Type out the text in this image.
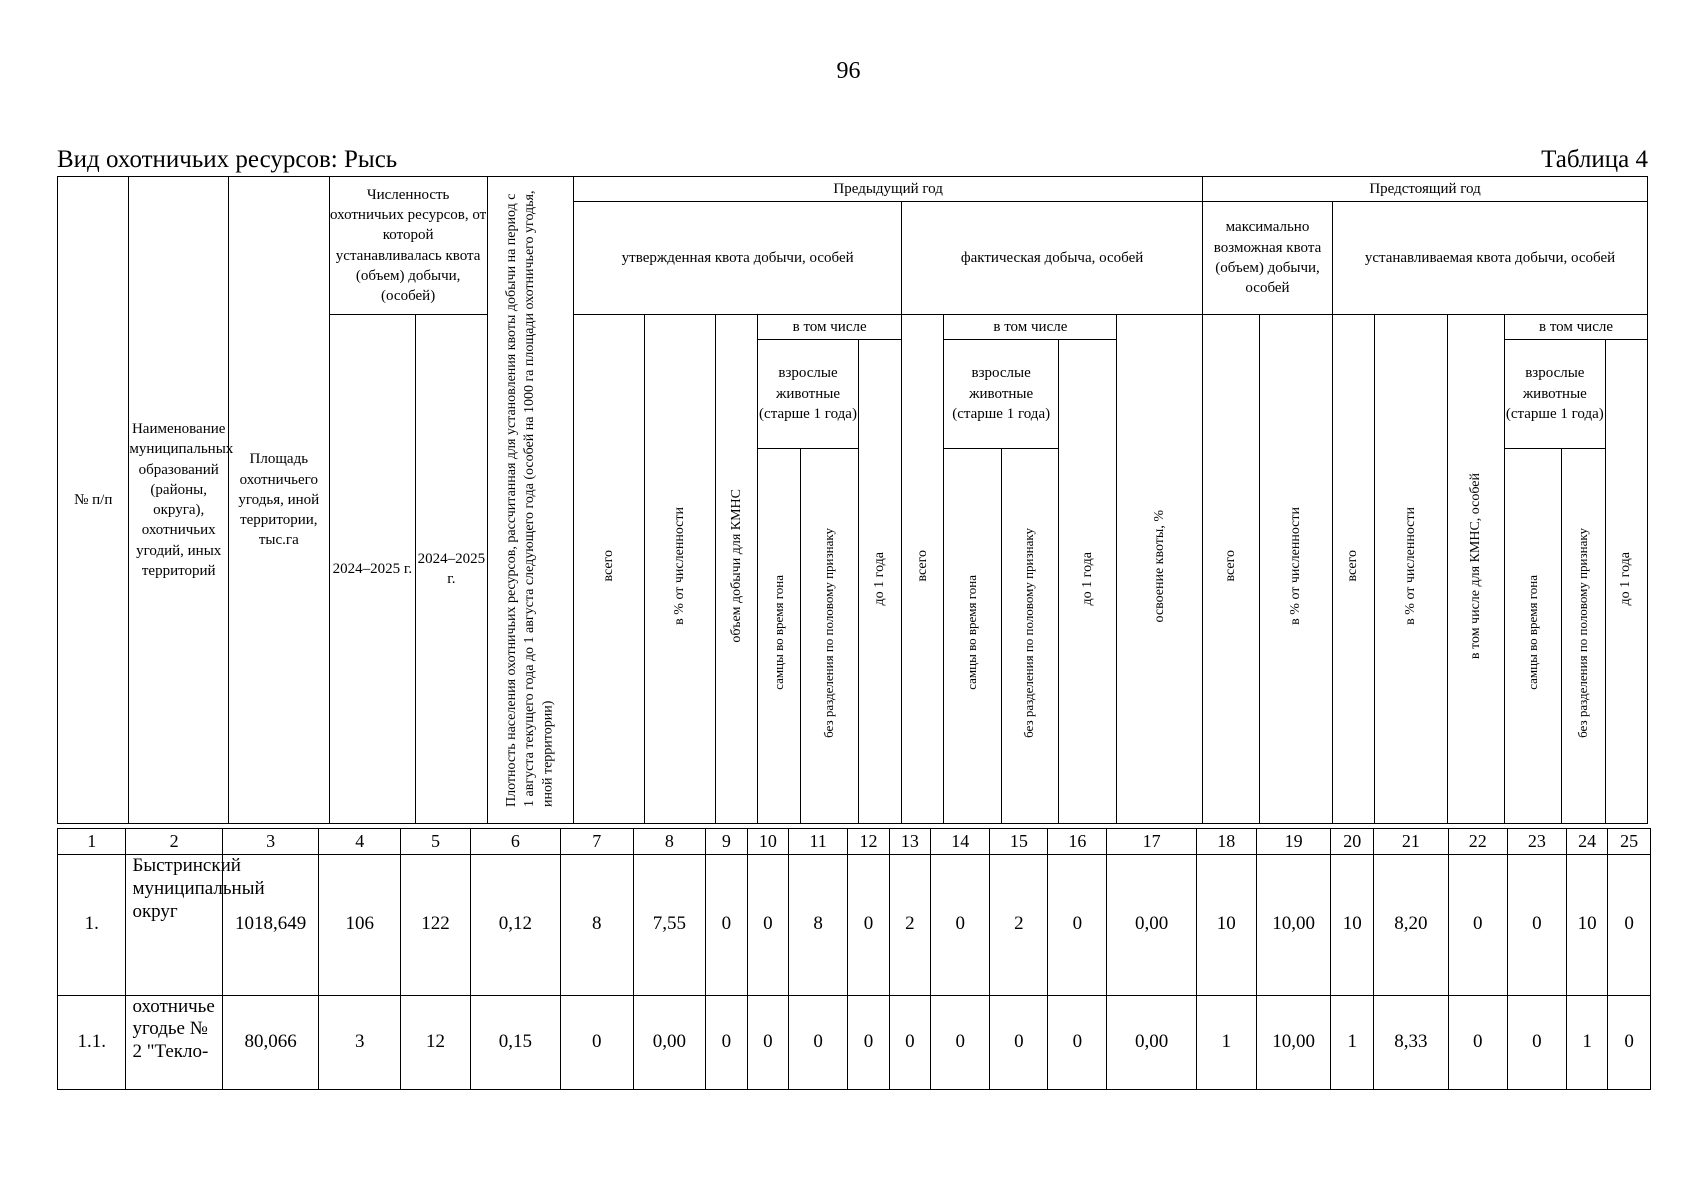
96
Вид охотничьих ресурсов: Рысь	Таблица 4
№ п/п	Наименование муниципальных образований (районы, округа), охотничьих угодий, иных территорий	Площадь охотничьего угодья, иной территории, тыс.га	Численность охотничьих ресурсов, от которой устанавливалась квота (объем) добычи, (особей)		Плотность населения охотничьих ресурсов, рассчитанная для установления квоты добычи на период с 1 августа текущего года до 1 августа следующего года (особей на 1000 га площади охотничьего угодья, иной территории)	Предыдущий год											Предстоящий год							
						утвержденная квота добычи, особей						фактическая добыча, особей					максимально возможная квота (объем) добычи, особей		устанавливаемая квота добычи, особей					
			2024–2025 г.	2024–2025 г.		всего	в % от численности	объем добычи для КМНС	в том числе			всего	в том числе			освоение квоты, %	всего	в % от численности	всего	в % от численности	в том числе для КМНС, особей	в том числе		
									взрослые животные (старше 1 года)		до 1 года		взрослые животные (старше 1 года)		до 1 года							взрослые животные (старше 1 года)		до 1 года
									самцы во время гона	без разделения по половому признаку			самцы во время гона	без разделения по половому признаку								самцы во время гона	без разделения по половому признаку	
1	2	3	4	5	6	7	8	9	10	11	12	13	14	15	16	17	18	19	20	21	22	23	24	25
1.	Быстринский муниципальный округ	1018,649	106	122	0,12	8	7,55	0	0	8	0	2	0	2	0	0,00	10	10,00	10	8,20	0	0	10	0
1.1.	охотничье угодье № 2 "Текло-	80,066	3	12	0,15	0	0,00	0	0	0	0	0	0	0	0	0,00	1	10,00	1	8,33	0	0	1	0
